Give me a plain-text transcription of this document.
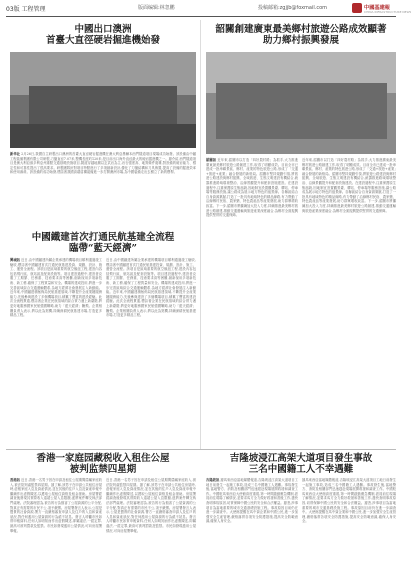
03版 工程管理	版面编辑:林忽鹏	投稿邮箱:zgjjb@foxmail.com	中國基建報
CHINA INFRASTRUCTURE NEWS
中國出口澳洲
首臺大直徑硬岩掘進機始發
新华社 2月26日,我國自主研製出口澳洲的首臺大直徑硬岩掘進機在澳大利亞墨爾本西門隧道項目現場成功始發。該設備由中鐵工程裝備集團有限公司研製,刀盤直徑7.07米,整機長度約120米,是目前出口海外直徑最大的硬岩掘進機之一。據介紹,西門隧道項目是澳大利亞維多利亞州重點交通基礎設施項目,隧道穿越地層以玄武岩為主,岩石強度高、地質條件複雜,對設備的破岩能力、穩定性和可靠性提出了很高要求。研製團隊針對項目特點進行了多項創新設計,優化了刀盤結構和刀具佈置,提高了設備的掘進效率和使用壽命。該設備的成功始發,標誌著我國高端盾構裝備進一步打開澳洲市場,為中國裝備走出去樹立了新的標桿。
韶關創建廣東最美鄉村旅遊公路成效顯著
助力鄉村振興發展
韶關訊 近年來,韶關市以打造「四好農村路」為抓手,大力推進廣東最美鄉村旅遊公路創建工作,取得了明顯成效。目前全市已建成一批串聯景區、鄉村、產業的特色旅遊公路,形成了「交通+旅遊+產業」融合發展的新格局。韶關市堅持規劃引領,將旅遊公路建設與鄉村振興、全域旅遊、生態文明建設有機結合,統籌推進路域環境整治、沿線景觀提升和配套設施建設。在建設過程中,注重保護原生態風貌,因地制宜設置觀景臺、驛站、停車場等服務設施,讓公路成為展示地方特色的風景線。各縣區結合自身資源稟賦,打造了一批具有地域特色的精品線路,有力帶動了沿線鄉村民宿、農家樂、特色農產品等產業發展,助力群眾增收致富。下一步,韶關市將繼續加大投入力度,持續推進最美鄉村旅遊公路創建,推動交通運輸與旅遊產業深度融合,為鄉村全面振興提供堅實的交通保障。
近年來,韶關市以打造「四好農村路」為抓手,大力推進廣東最美鄉村旅遊公路創建工作,取得了明顯成效。目前全市已建成一批串聯景區、鄉村、產業的特色旅遊公路,形成了「交通+旅遊+產業」融合發展的新格局。韶關市堅持規劃引領,將旅遊公路建設與鄉村振興、全域旅遊、生態文明建設有機結合,統籌推進路域環境整治、沿線景觀提升和配套設施建設。在建設過程中,注重保護原生態風貌,因地制宜設置觀景臺、驛站、停車場等服務設施,讓公路成為展示地方特色的風景線。各縣區結合自身資源稟賦,打造了一批具有地域特色的精品線路,有力帶動了沿線鄉村民宿、農家樂、特色農產品等產業發展,助力群眾增收致富。下一步,韶關市將繼續加大投入力度,持續推進最美鄉村旅遊公路創建,推動交通運輸與旅遊產業深度融合,為鄉村全面振興提供堅實的交通保障。
中國鐵建首次打通民航基建全流程
臨帶“藍天經濟”
興城訊 近日,由中國鐵建所屬企業承建的機場項目順利通過竣工驗收,標誌著中國鐵建首次打通民航基建投資、規劃、設計、施工、運營全流程。該項目是區域重要的航空樞紐工程,建設內容包括飛行區、航站區及配套設施等。項目建設過程中,建設者克服了工期緊、任務重、技術要求高等困難,創新採用多項新技術、新工藝,確保了工程質量和安全。機場的建成投用,將進一步完善區域綜合交通運輸體系,為地方經濟社會發展注入新動能。近年來,中國鐵建積極佈局民航基建領域,不斷提升全產業鏈服務能力,先後參與建設了多個機場項目,積累了豐富的建設經驗。此次全流程貫通,標誌著企業在民航領域的綜合實力邁上新臺階,將更好地服務國家民航強國戰略,助力「藍天經濟」騰飛。企業相關負責人表示,將以此為契機,持續深耕民航基建市場,打造更多精品工程。
近日,由中國鐵建所屬企業承建的機場項目順利通過竣工驗收,標誌著中國鐵建首次打通民航基建投資、規劃、設計、施工、運營全流程。該項目是區域重要的航空樞紐工程,建設內容包括飛行區、航站區及配套設施等。項目建設過程中,建設者克服了工期緊、任務重、技術要求高等困難,創新採用多項新技術、新工藝,確保了工程質量和安全。機場的建成投用,將進一步完善區域綜合交通運輸體系,為地方經濟社會發展注入新動能。近年來,中國鐵建積極佈局民航基建領域,不斷提升全產業鏈服務能力,先後參與建設了多個機場項目,積累了豐富的建設經驗。此次全流程貫通,標誌著企業在民航領域的綜合實力邁上新臺階,將更好地服務國家民航強國戰略,助力「藍天經濟」騰飛。企業相關負責人表示,將以此為契機,持續深耕民航基建市場,打造更多精品工程。
香港一家庭园藏税收入租住公屋
被判监禁四星期
香港訊 近日,香港一名男子因在申請及租住公屋期間隱瞞家庭收入,被法院判處監禁四星期。據了解,該男子在申請公共租住房屋時,虛報家庭入息及資產情況,並在其後的住戶入息及資產申報中繼續作出虛假陳述,以獲取公屋租住資格及租金援助。房屋署經調查後發現其實際收入遠超公屋入息限額,遂將案件轉交執法部門處理。法院審理認為,被告的行為損害了公屋資源的公平分配,對真正有需要的市民不公,須予嚴懲。房屋署發言人表示,公屋是寶貴的社會資源,署方一直嚴格審查申請人及住戶的入息和資產狀況,對任何濫用公屋資源的行為絕不姑息。發言人呼籲市民如實申報資料,任何人如明知而作出虛假陳述,即屬違法,一經定罪,最高可被判罰款及監禁。市民如發現濫用公屋情況,可向房屋署舉報。
近日,香港一名男子因在申請及租住公屋期間隱瞞家庭收入,被法院判處監禁四星期。據了解,該男子在申請公共租住房屋時,虛報家庭入息及資產情況,並在其後的住戶入息及資產申報中繼續作出虛假陳述,以獲取公屋租住資格及租金援助。房屋署經調查後發現其實際收入遠超公屋入息限額,遂將案件轉交執法部門處理。法院審理認為,被告的行為損害了公屋資源的公平分配,對真正有需要的市民不公,須予嚴懲。房屋署發言人表示,公屋是寶貴的社會資源,署方一直嚴格審查申請人及住戶的入息和資產狀況,對任何濫用公屋資源的行為絕不姑息。發言人呼籲市民如實申報資料,任何人如明知而作出虛假陳述,即屬違法,一經定罪,最高可被判罰款及監禁。市民如發現濫用公屋情況,可向房屋署舉報。
吉隆坡浸江高架大道項目發生事故
三名中國籍工人不幸遇難
吉隆坡訊 據馬來西亞當地媒體報道,吉隆坡浸江高架大道項目工地日前發生一起施工事故,造成三名中國籍工人遇難。事故發生後,當地警方、消防及相關部門迅速趕赴現場展開救援和調查工作。中國駐馬來西亞大使館高度重視,第一時間啟動應急機制,派員前往現場了解情況,並要求馬方全力做好救援和善後工作,盡快查明事故原因,切實保障中國公民的安全和合法權益。據悉,涉事項目為當地重要的城市交通基礎設施工程。事故原因目前仍在進一步調查中。大使館提醒在馬中資企業和中國公民,進一步加強安全生產管理,嚴格落實各項安全防護措施,提高安全防範意識,確保人身安全。
據馬來西亞當地媒體報道,吉隆坡浸江高架大道項目工地日前發生一起施工事故,造成三名中國籍工人遇難。事故發生後,當地警方、消防及相關部門迅速趕赴現場展開救援和調查工作。中國駐馬來西亞大使館高度重視,第一時間啟動應急機制,派員前往現場了解情況,並要求馬方全力做好救援和善後工作,盡快查明事故原因,切實保障中國公民的安全和合法權益。據悉,涉事項目為當地重要的城市交通基礎設施工程。事故原因目前仍在進一步調查中。大使館提醒在馬中資企業和中國公民,進一步加強安全生產管理,嚴格落實各項安全防護措施,提高安全防範意識,確保人身安全。
